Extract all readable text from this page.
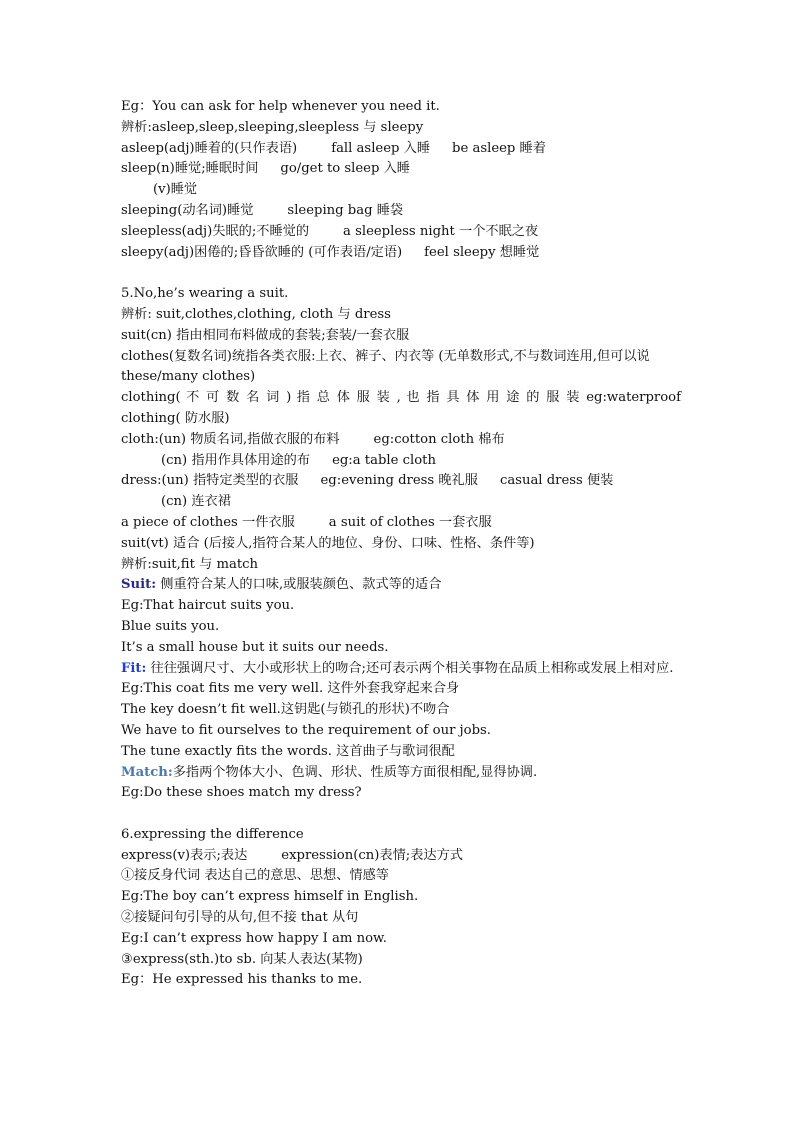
Eg：You can ask for help whenever you need it.
辨析:asleep,sleep,sleeping,sleepless 与 sleepy
asleep(adj)睡着的(只作表语)	fall asleep 入睡 be asleep 睡着
sleep(n)睡觉;睡眠时间 go/get to sleep 入睡
(v)睡觉
sleeping(动名词)睡觉	sleeping bag 睡袋
sleepless(adj)失眠的;不睡觉的	a sleepless night 一个不眠之夜
sleepy(adj)困倦的;昏昏欲睡的 (可作表语/定语) feel sleepy 想睡觉
5.No,he’s wearing a suit.
辨析: suit,clothes,clothing, cloth 与 dress
suit(cn) 指由相同布料做成的套装;套装/一套衣服
clothes(复数名词)统指各类衣服:上衣、裤子、内衣等 (无单数形式,不与数词连用,但可以说 these/many clothes)
clothing( 不 可 数 名 词 ) 指 总 体 服 装 , 也 指 具 体 用 途 的 服 装 eg:waterproof
clothing( 防水服)
cloth:(un) 物质名词,指做衣服的布料	eg:cotton cloth 棉布
(cn) 指用作具体用途的布 eg:a table cloth
dress:(un) 指特定类型的衣服 eg:evening dress 晚礼服 casual dress 便装
(cn) 连衣裙
a piece of clothes 一件衣服	a suit of clothes 一套衣服
suit(vt) 适合 (后接人,指符合某人的地位、身份、口味、性格、条件等)
辨析:suit,fit 与 match
Suit: 侧重符合某人的口味,或服装颜色、款式等的适合
Eg:That haircut suits you.
Blue suits you.
It’s a small house but it suits our needs.
Fit: 往往强调尺寸、大小或形状上的吻合;还可表示两个相关事物在品质上相称或发展上相对应.
Eg:This coat fits me very well. 这件外套我穿起来合身
The key doesn’t fit well.这钥匙(与锁孔的形状)不吻合
We have to fit ourselves to the requirement of our jobs.
The tune exactly fits the words. 这首曲子与歌词很配
Match:多指两个物体大小、色调、形状、性质等方面很相配,显得协调.
Eg:Do these shoes match my dress?
6.expressing the difference
express(v)表示;表达	expression(cn)表情;表达方式
①接反身代词 表达自己的意思、思想、情感等
Eg:The boy can’t express himself in English.
②接疑问句引导的从句,但不接 that 从句
Eg:I can’t express how happy I am now.
③express(sth.)to sb. 向某人表达(某物)
Eg：He expressed his thanks to me.
